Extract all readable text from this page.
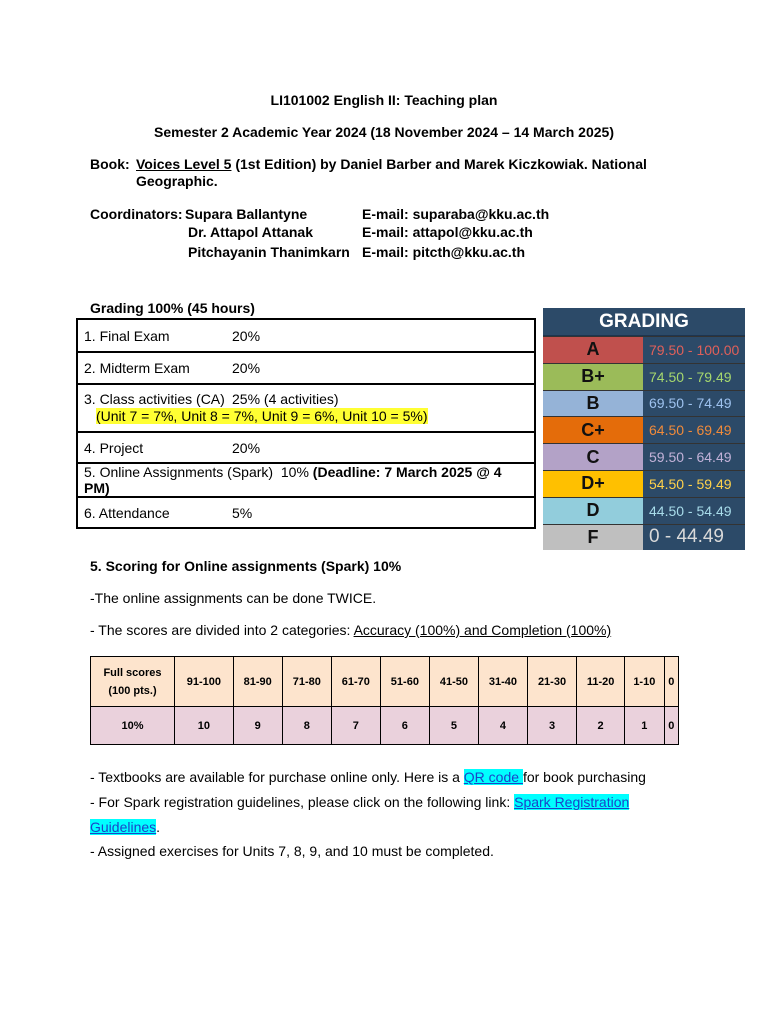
LI101002 English II: Teaching plan
Semester 2 Academic Year 2024 (18 November 2024 – 14 March 2025)
Book: Voices Level 5 (1st Edition) by Daniel Barber and Marek Kiczkowiak. National
Geographic.
Coordinators: Supara Ballantyne	E-mail: suparaba@kku.ac.th
Dr. Attapol Attanak	E-mail: attapol@kku.ac.th
Pitchayanin Thanimkarn E-mail: pitcth@kku.ac.th
Grading 100% (45 hours)
1. Final Exam	20%
2. Midterm Exam	20%
3. Class activities (CA) 25% (4 activities)
(Unit 7 = 7%, Unit 8 = 7%, Unit 9 = 6%, Unit 10 = 5%)
4. Project	20%
5. Online Assignments (Spark) 10% (Deadline: 7 March 2025 @ 4 PM)
6. Attendance	5%
GRADING
A	79.50 - 100.00
B+	74.50 - 79.49
B	69.50 - 74.49
C+	64.50 - 69.49
C	59.50 - 64.49
D+	54.50 - 59.49
D	44.50 - 54.49
F	0 - 44.49
5. Scoring for Online assignments (Spark) 10%
-The online assignments can be done TWICE.
- The scores are divided into 2 categories: Accuracy (100%) and Completion (100%)
Full scores
(100 pts.)	91-100	81-90	71-80	61-70	51-60	41-50	31-40	21-30	11-20	1-10	0
10%	10	9	8	7	6	5	4	3	2	1	0
- Textbooks are available for purchase online only. Here is a QR code for book purchasing
- For Spark registration guidelines, please click on the following link: Spark Registration
Guidelines.
- Assigned exercises for Units 7, 8, 9, and 10 must be completed.
